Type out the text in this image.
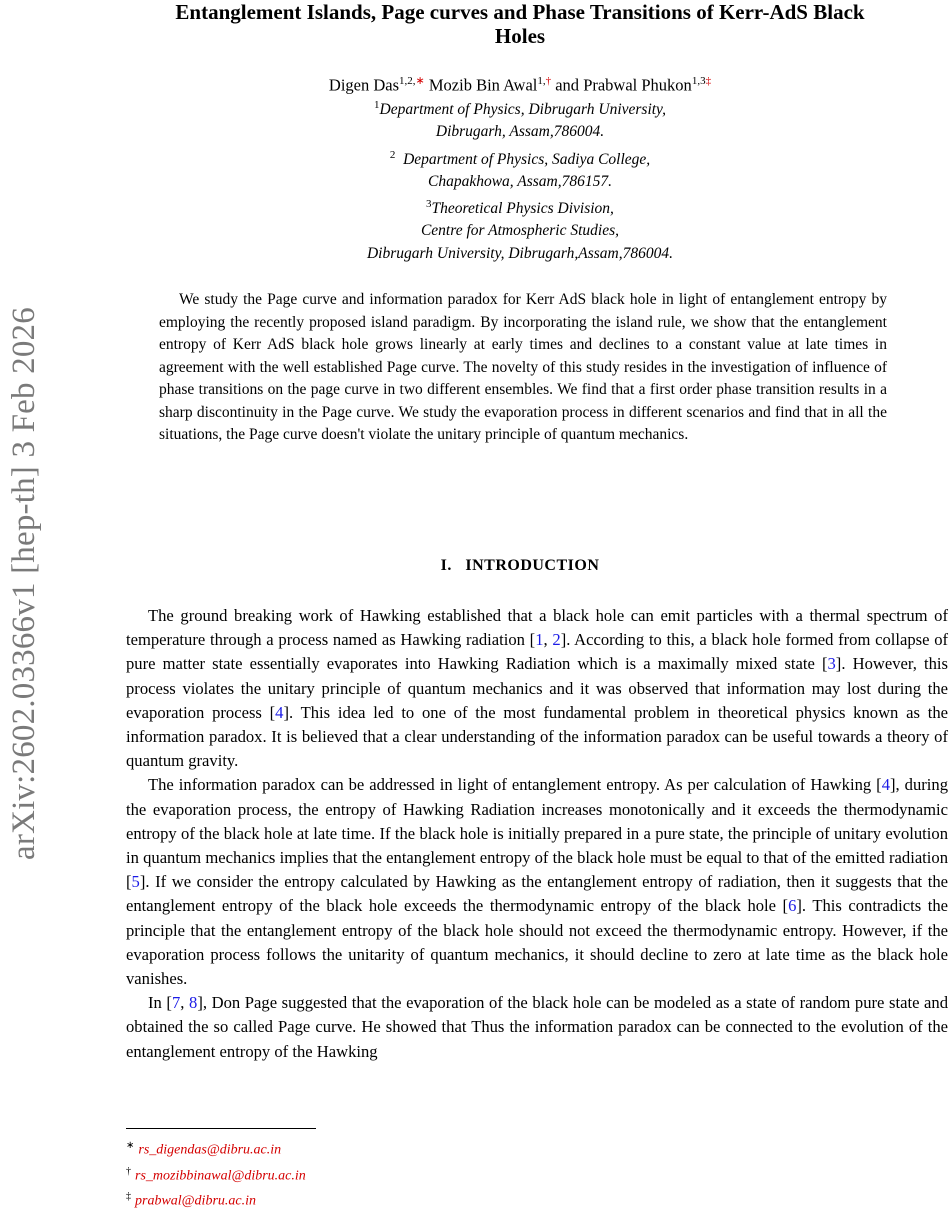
arXiv:2602.03366v1 [hep-th] 3 Feb 2026
Entanglement Islands, Page curves and Phase Transitions of Kerr-AdS Black
Holes
Digen Das$^{1,2,∗}$ Mozib Bin Awal$^{1,\dagger}$ and Prabwal Phukon$^{1,3\ddagger}$
$^1$Department of Physics, Dibrugarh University,
Dibrugarh, Assam,786004.
$^2$ Department of Physics, Sadiya College,
Chapakhowa, Assam,786157.
$^3$Theoretical Physics Division,
Centre for Atmospheric Studies,
Dibrugarh University, Dibrugarh,Assam,786004.

We study the Page curve and information paradox for Kerr AdS black hole in light of entanglement entropy by employing the recently proposed island paradigm. By incorporating the island rule, we show that the entanglement entropy of Kerr AdS black hole grows linearly at early times and declines to a constant value at late times in agreement with the well established Page curve. The novelty of this study resides in the investigation of influence of phase transitions on the page curve in two different ensembles. We find that a first order phase transition results in a sharp discontinuity in the Page curve. We study the evaporation process in different scenarios and find that in all the situations, the Page curve doesn't violate the unitary principle of quantum mechanics.

I. INTRODUCTION

The ground breaking work of Hawking established that a black hole can emit particles with a thermal spectrum of temperature through a process named as Hawking radiation [1, 2]. According to this, a black hole formed from collapse of pure matter state essentially evaporates into Hawking Radiation which is a maximally mixed state [3]. However, this process violates the unitary principle of quantum mechanics and it was observed that information may lost during the evaporation process [4]. This idea led to one of the most fundamental problem in theoretical physics known as the information paradox. It is believed that a clear understanding of the information paradox can be useful towards a theory of quantum gravity.

The information paradox can be addressed in light of entanglement entropy. As per calculation of Hawking [4], during the evaporation process, the entropy of Hawking Radiation increases monotonically and it exceeds the thermodynamic entropy of the black hole at late time. If the black hole is initially prepared in a pure state, the principle of unitary evolution in quantum mechanics implies that the entanglement entropy of the black hole must be equal to that of the emitted radiation [5]. If we consider the entropy calculated by Hawking as the entanglement entropy of radiation, then it suggests that the entanglement entropy of the black hole exceeds the thermodynamic entropy of the black hole [6]. This contradicts the principle that the entanglement entropy of the black hole should not exceed the thermodynamic entropy. However, if the evaporation process follows the unitarity of quantum mechanics, it should decline to zero at late time as the black hole vanishes.

In [7, 8], Don Page suggested that the evaporation of the black hole can be modeled as a state of random pure state and obtained the so called Page curve. He showed that Thus the information paradox can be connected to the evolution of the entanglement entropy of the Hawking

∗ rs_digendas@dibru.ac.in
† rs_mozibbinawal@dibru.ac.in
‡ prabwal@dibru.ac.in
